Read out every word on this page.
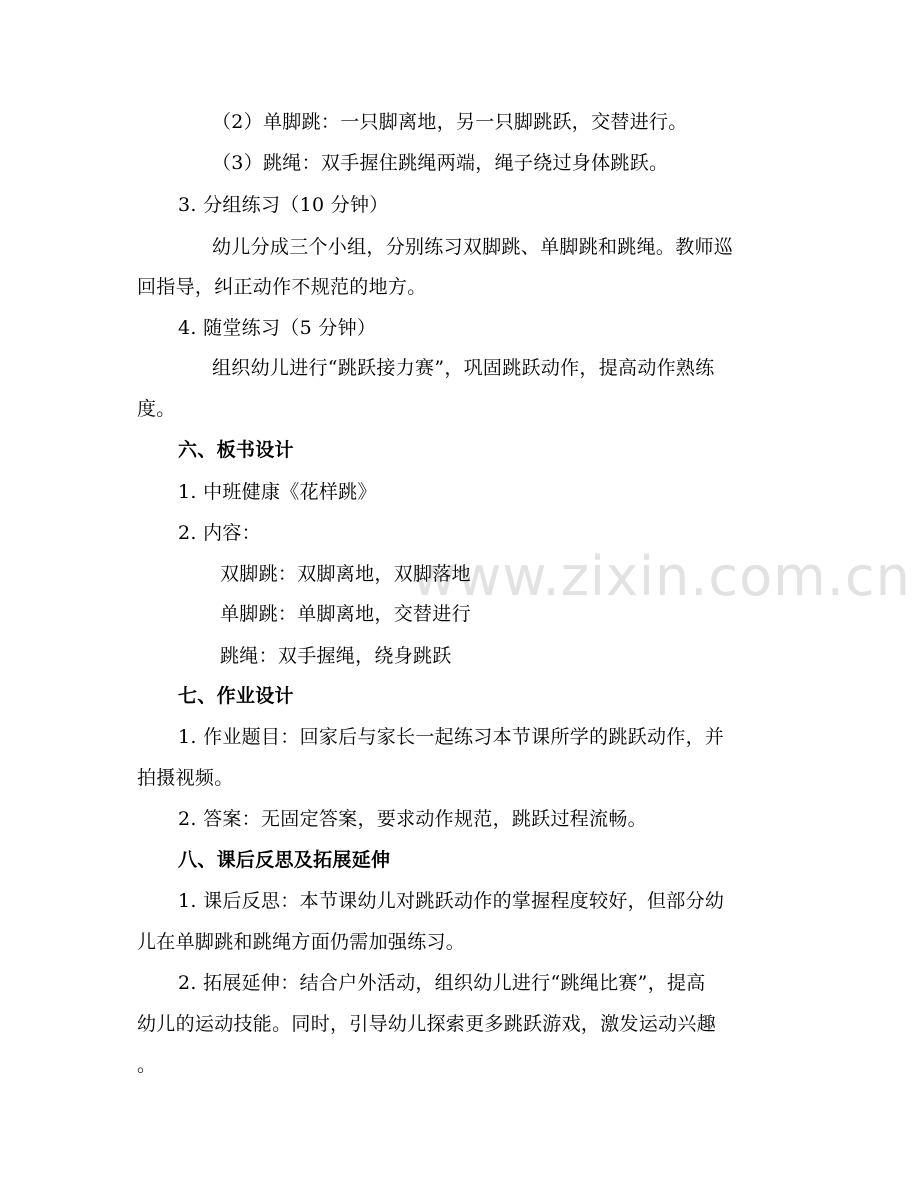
www.zixin.com.cn

（2）单脚跳：一只脚离地，另一只脚跳跃，交替进行。

（3）跳绳：双手握住跳绳两端，绳子绕过身体跳跃。

3. 分组练习（10 分钟）

幼儿分成三个小组，分别练习双脚跳、单脚跳和跳绳。教师巡

回指导，纠正动作不规范的地方。

4. 随堂练习（5 分钟）

组织幼儿进行“跳跃接力赛”，巩固跳跃动作，提高动作熟练

度。

六、板书设计

1. 中班健康《花样跳》

2. 内容：

双脚跳：双脚离地，双脚落地

单脚跳：单脚离地，交替进行

跳绳：双手握绳，绕身跳跃

七、作业设计

1. 作业题目：回家后与家长一起练习本节课所学的跳跃动作，并

拍摄视频。

2. 答案：无固定答案，要求动作规范，跳跃过程流畅。

八、课后反思及拓展延伸

1. 课后反思：本节课幼儿对跳跃动作的掌握程度较好，但部分幼

儿在单脚跳和跳绳方面仍需加强练习。

2. 拓展延伸：结合户外活动，组织幼儿进行“跳绳比赛”，提高

幼儿的运动技能。同时，引导幼儿探索更多跳跃游戏，激发运动兴趣

。
